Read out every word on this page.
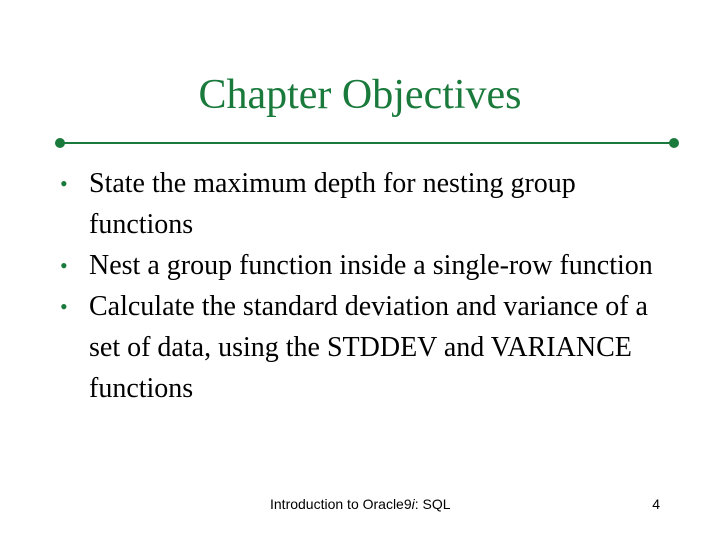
Chapter Objectives
• State the maximum depth for nesting group functions
• Nest a group function inside a single-row function
• Calculate the standard deviation and variance of a set of data, using the STDDEV and VARIANCE functions
Introduction to Oracle9i: SQL	4
